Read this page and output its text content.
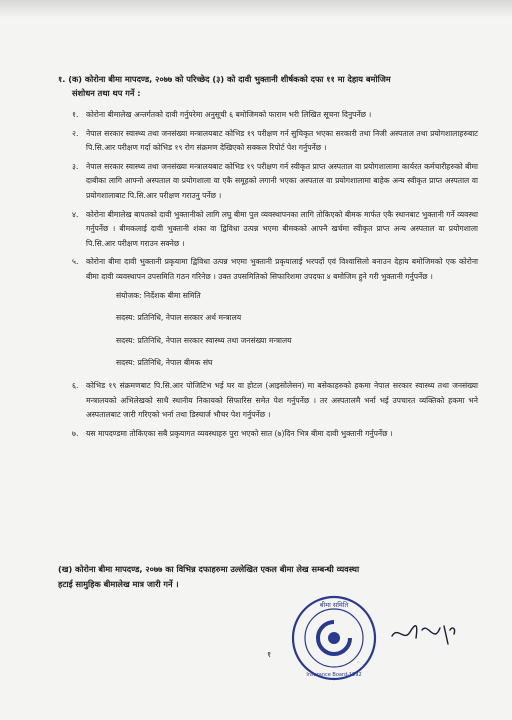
१. (क) कोरोना बीमा मापदण्ड, २०७७ को परिच्छेद (३) को दावी भुक्तानी शीर्षकको दफा ११ मा देहाय बमोजिम
संशोधन तथा थप गर्ने :
१.	कोरोना बीमालेख अन्तर्गतको दावी गर्नुपरेमा अनुसूची ६ बमोजिमको फाराम भरी लिखित सूचना दिनुपर्नेछ ।
२.	नेपाल सरकार स्वास्थ्य तथा जनसंख्या मन्त्रालयबाट कोभिड १९ परीक्षण गर्न सुचिकृत भएका सरकारी तथा निजी अस्पताल तथा प्रयोगशालाहरुबाट पि.सि.आर परीक्षण गर्दा कोभिड १९ रोग संक्रमण देखिएको सक्कल रिपोर्ट पेश गर्नुपर्नेछ ।
३.	नेपाल सरकार स्वास्थ्य तथा जनसंख्या मन्त्रालयबाट कोभिड १९ परीक्षण गर्न स्वीकृत प्राप्त अस्पताल वा प्रयोगशालामा कार्यरत कर्मचारीहरुको बीमा दाबीका लागि आफ्नो अस्पताल वा प्रयोगशाला वा एकै समूहको लगानी भएका अस्पताल वा प्रयोगशालामा बाहेक अन्य स्वीकृत प्राप्त अस्पताल वा प्रयोगशालाबाट पि.सि.आर परीक्षण गराउनु पर्नेछ ।
४.	कोरोना बीमालेख बापतको दावी भुक्तानीको लागि लघु बीमा पुल व्यवस्थापनका लागि तोकिएको बीमक मार्फत एकै स्थानबाट भुक्तानी गर्ने व्यवस्था गर्नुपर्नेछ । बीमकलाई दावी भुक्तानी शंका वा द्विविधा उत्पन्न भएमा बीमकको आफ्नै खर्चमा स्वीकृत प्राप्त अन्य अस्पताल वा प्रयोगशाला पि.सि.आर परीक्षण गराउन सक्नेछ ।
५.	कोरोना बीमा दावी भुक्तानी प्रकृयामा द्विविधा उत्पन्न भएमा भुक्तानी प्रकृयालाई भरपर्दो एवं विश्वासिलो बनाउन देहाय बमोजिमको एक कोरोना बीमा दावी व्यवस्थापन उपसमिति गठन गरिनेछ । उक्त उपसमितिको सिफारिशमा उपदफा ४ बमोजिम हुने गरी भुक्तानी गर्नुपर्नेछ ।
संयोजक: निर्देशक बीमा समिति
सदस्य: प्रतिनिधि, नेपाल सरकार अर्थ मन्त्रालय
सदस्य: प्रतिनिधि, नेपाल सरकार स्वास्थ्य तथा जनसंख्या मन्त्रालय
सदस्य: प्रतिनिधि, नेपाल बीमक संघ
६.	कोभिड १९ संक्रमणबाट पि.सि.आर पोजिटिभ भई घर वा होटल (आइसोलेसन) मा बसेकाहरुको हकमा नेपाल सरकार स्वास्थ्य तथा जनसंख्या मन्त्रालयको अभिलेखको साथै स्थानीय निकायको सिफारिस समेत पेश गर्नुपर्नेछ । तर अस्पतालमै भर्ना भई उपचारत व्यक्तिको हकमा भने अस्पतालबाट जारी गरिएको भर्ना तथा डिस्चार्ज भौचर पेश गर्नुपर्नेछ ।
७.	यस मापदण्डमा तोकिएका सबै प्रकृयागत व्यवस्थाहरु पुरा भएको सात (७)दिन भित्र बीमा दावी भुक्तानी गर्नुपर्नेछ ।
(ख) कोरोना बीमा मापदण्ड, २०७७ का विभिन्न दफाहरुमा उल्लेखित एकल बीमा लेख सम्बन्धी व्यवस्था
हटाई सामुहिक बीमालेख मात्र जारी गर्ने ।
१
बीमा समिति
Insurance Board-1992
